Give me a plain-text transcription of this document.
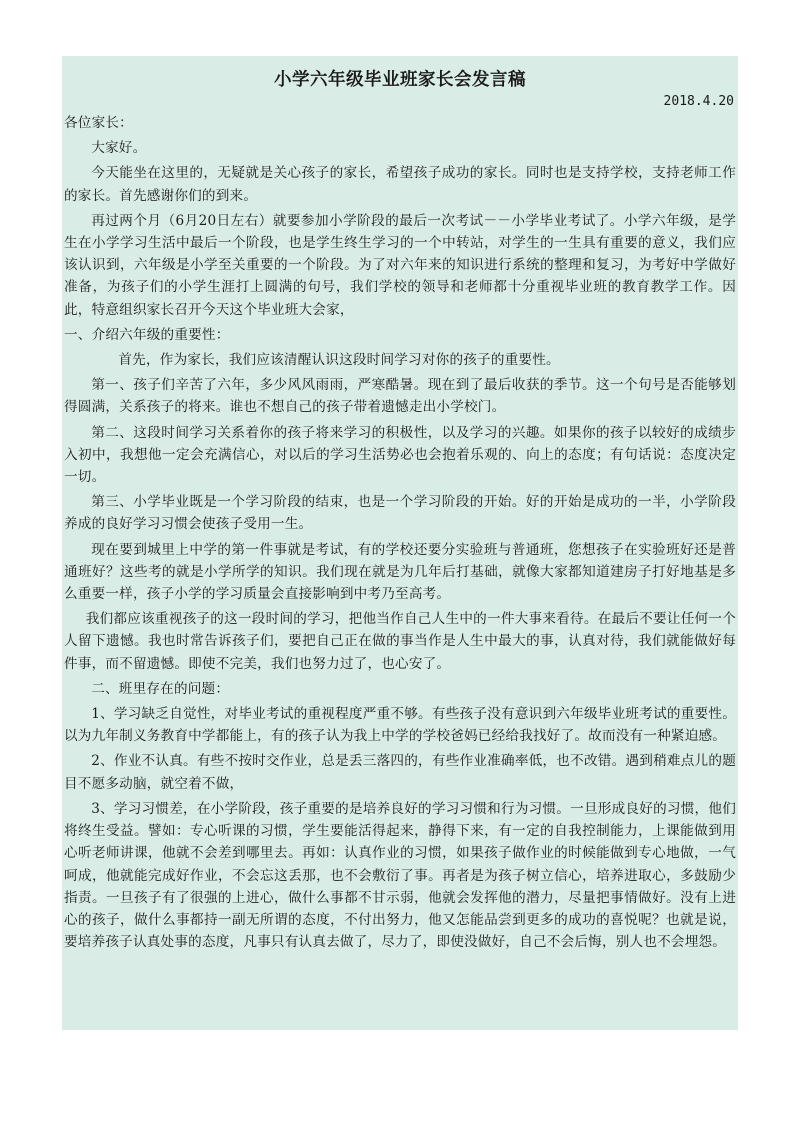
小学六年级毕业班家长会发言稿
2018.4.20

各位家长：

大家好。

今天能坐在这里的，无疑就是关心孩子的家长，希望孩子成功的家长。同时也是支持学校，支持老师工作的家长。首先感谢你们的到来。

再过两个月（6月20日左右）就要参加小学阶段的最后一次考试－－小学毕业考试了。小学六年级，是学生在小学学习生活中最后一个阶段，也是学生终生学习的一个中转站，对学生的一生具有重要的意义，我们应该认识到，六年级是小学至关重要的一个阶段。为了对六年来的知识进行系统的整理和复习，为考好中学做好准备，为孩子们的小学生涯打上圆满的句号，我们学校的领导和老师都十分重视毕业班的教育教学工作。因此，特意组织家长召开今天这个毕业班大会家，

一、介绍六年级的重要性：

首先，作为家长，我们应该清醒认识这段时间学习对你的孩子的重要性。

第一、孩子们辛苦了六年，多少风风雨雨，严寒酷暑。现在到了最后收获的季节。这一个句号是否能够划得圆满，关系孩子的将来。谁也不想自己的孩子带着遗憾走出小学校门。

第二、这段时间学习关系着你的孩子将来学习的积极性，以及学习的兴趣。如果你的孩子以较好的成绩步入初中，我想他一定会充满信心，对以后的学习生活势必也会抱着乐观的、向上的态度；有句话说：态度决定一切。

第三、小学毕业既是一个学习阶段的结束，也是一个学习阶段的开始。好的开始是成功的一半，小学阶段养成的良好学习习惯会使孩子受用一生。

现在要到城里上中学的第一件事就是考试，有的学校还要分实验班与普通班，您想孩子在实验班好还是普通班好？这些考的就是小学所学的知识。我们现在就是为几年后打基础，就像大家都知道建房子打好地基是多么重要一样，孩子小学的学习质量会直接影响到中考乃至高考。

我们都应该重视孩子的这一段时间的学习，把他当作自己人生中的一件大事来看待。在最后不要让任何一个人留下遗憾。我也时常告诉孩子们，要把自己正在做的事当作是人生中最大的事，认真对待，我们就能做好每件事，而不留遗憾。即使不完美，我们也努力过了，也心安了。

二、班里存在的问题：

1、学习缺乏自觉性，对毕业考试的重视程度严重不够。有些孩子没有意识到六年级毕业班考试的重要性。以为九年制义务教育中学都能上，有的孩子认为我上中学的学校爸妈已经给我找好了。故而没有一种紧迫感。

2、作业不认真。有些不按时交作业，总是丢三落四的，有些作业准确率低，也不改错。遇到稍难点儿的题目不愿多动脑，就空着不做，

3、学习习惯差，在小学阶段，孩子重要的是培养良好的学习习惯和行为习惯。一旦形成良好的习惯，他们将终生受益。譬如：专心听课的习惯，学生要能活得起来，静得下来，有一定的自我控制能力，上课能做到用心听老师讲课，他就不会差到哪里去。再如：认真作业的习惯，如果孩子做作业的时候能做到专心地做，一气呵成，他就能完成好作业，不会忘这丢那，也不会敷衍了事。再者是为孩子树立信心，培养进取心，多鼓励少指责。一旦孩子有了很强的上进心，做什么事都不甘示弱，他就会发挥他的潜力，尽量把事情做好。没有上进心的孩子，做什么事都持一副无所谓的态度，不付出努力，他又怎能品尝到更多的成功的喜悦呢？也就是说，要培养孩子认真处事的态度，凡事只有认真去做了，尽力了，即使没做好，自己不会后悔，别人也不会埋怨。
